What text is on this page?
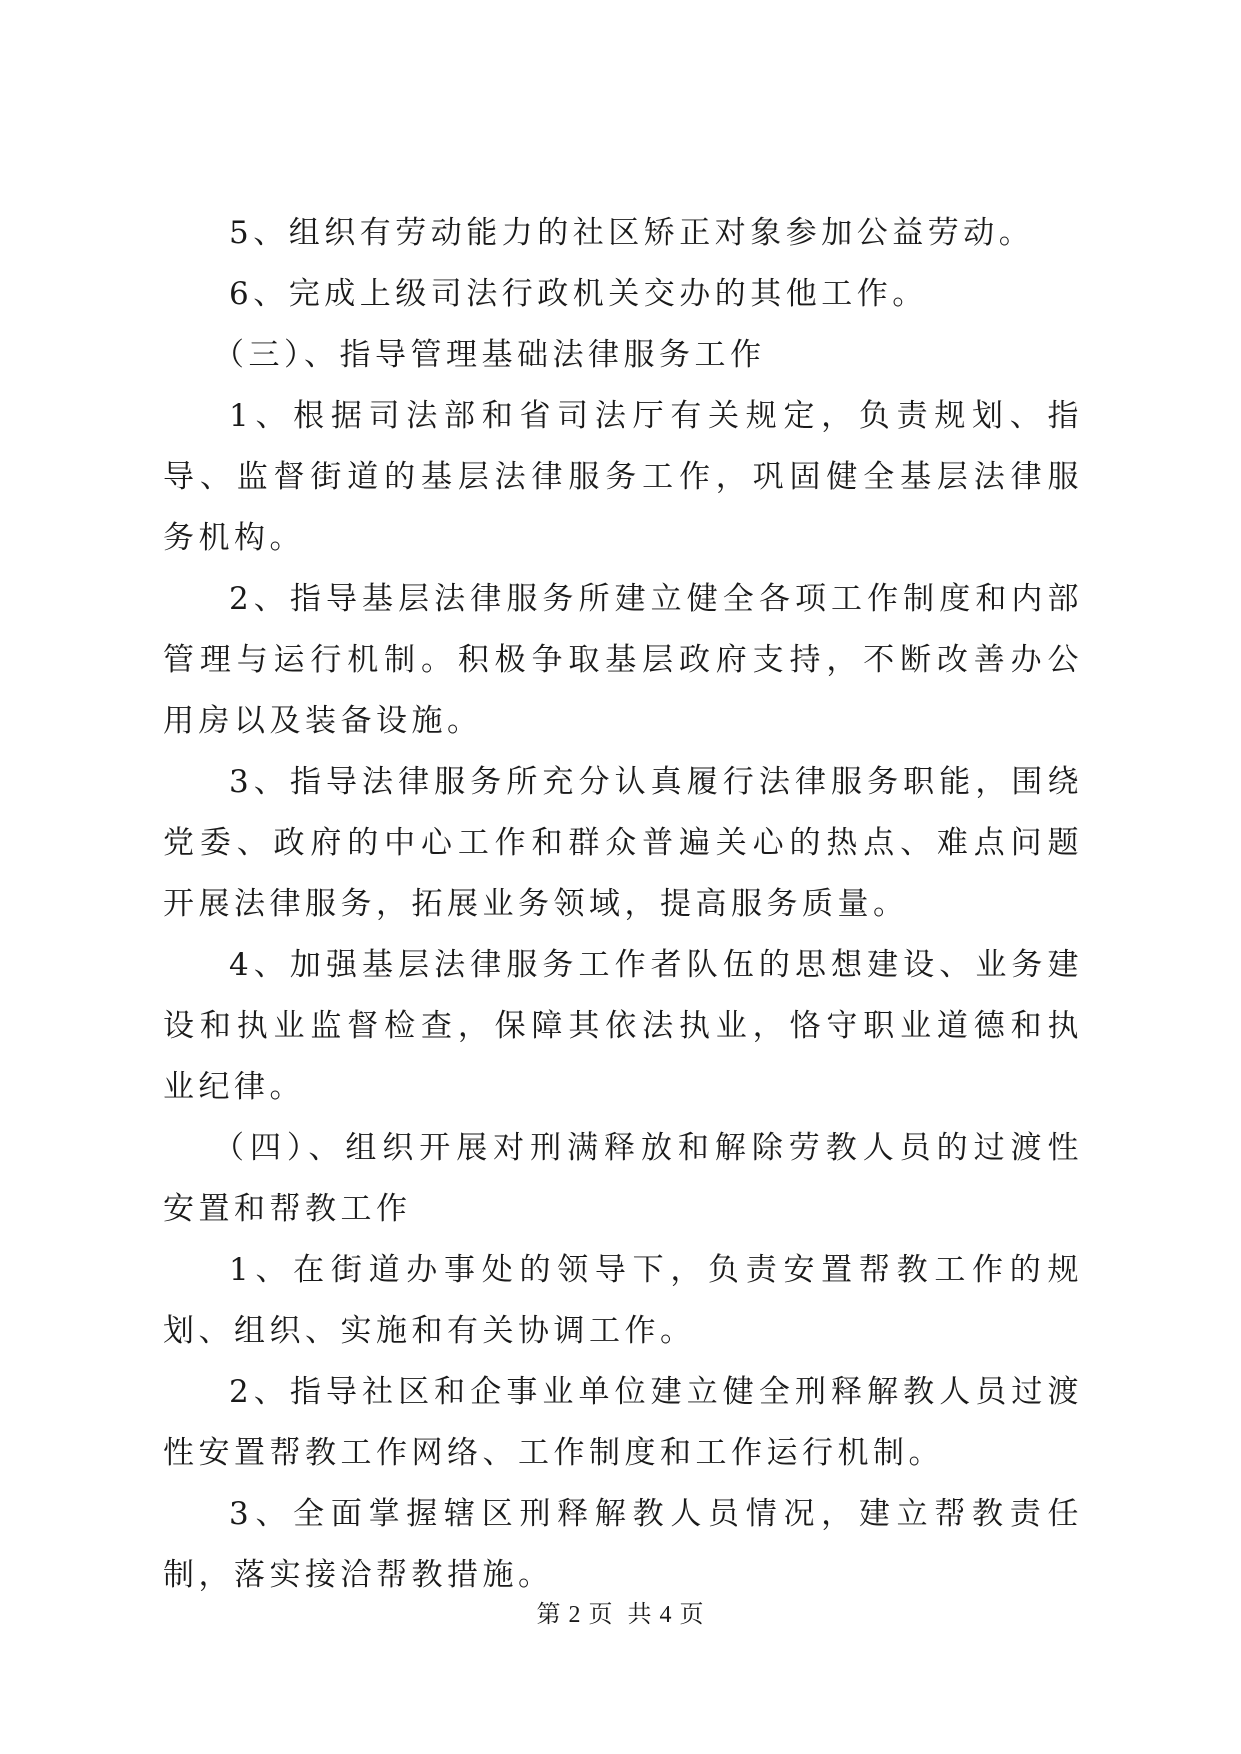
5、组织有劳动能力的社区矫正对象参加公益劳动。

6、完成上级司法行政机关交办的其他工作。

（三）、指导管理基础法律服务工作

1、根据司法部和省司法厅有关规定，负责规划、指导、监督街道的基层法律服务工作，巩固健全基层法律服务机构。

2、指导基层法律服务所建立健全各项工作制度和内部管理与运行机制。积极争取基层政府支持，不断改善办公用房以及装备设施。

3、指导法律服务所充分认真履行法律服务职能，围绕党委、政府的中心工作和群众普遍关心的热点、难点问题开展法律服务，拓展业务领域，提高服务质量。

4、加强基层法律服务工作者队伍的思想建设、业务建设和执业监督检查，保障其依法执业，恪守职业道德和执业纪律。

（四）、组织开展对刑满释放和解除劳教人员的过渡性安置和帮教工作

1、在街道办事处的领导下，负责安置帮教工作的规划、组织、实施和有关协调工作。

2、指导社区和企事业单位建立健全刑释解教人员过渡性安置帮教工作网络、工作制度和工作运行机制。

3、全面掌握辖区刑释解教人员情况，建立帮教责任制，落实接洽帮教措施。

第 2 页  共 4 页
